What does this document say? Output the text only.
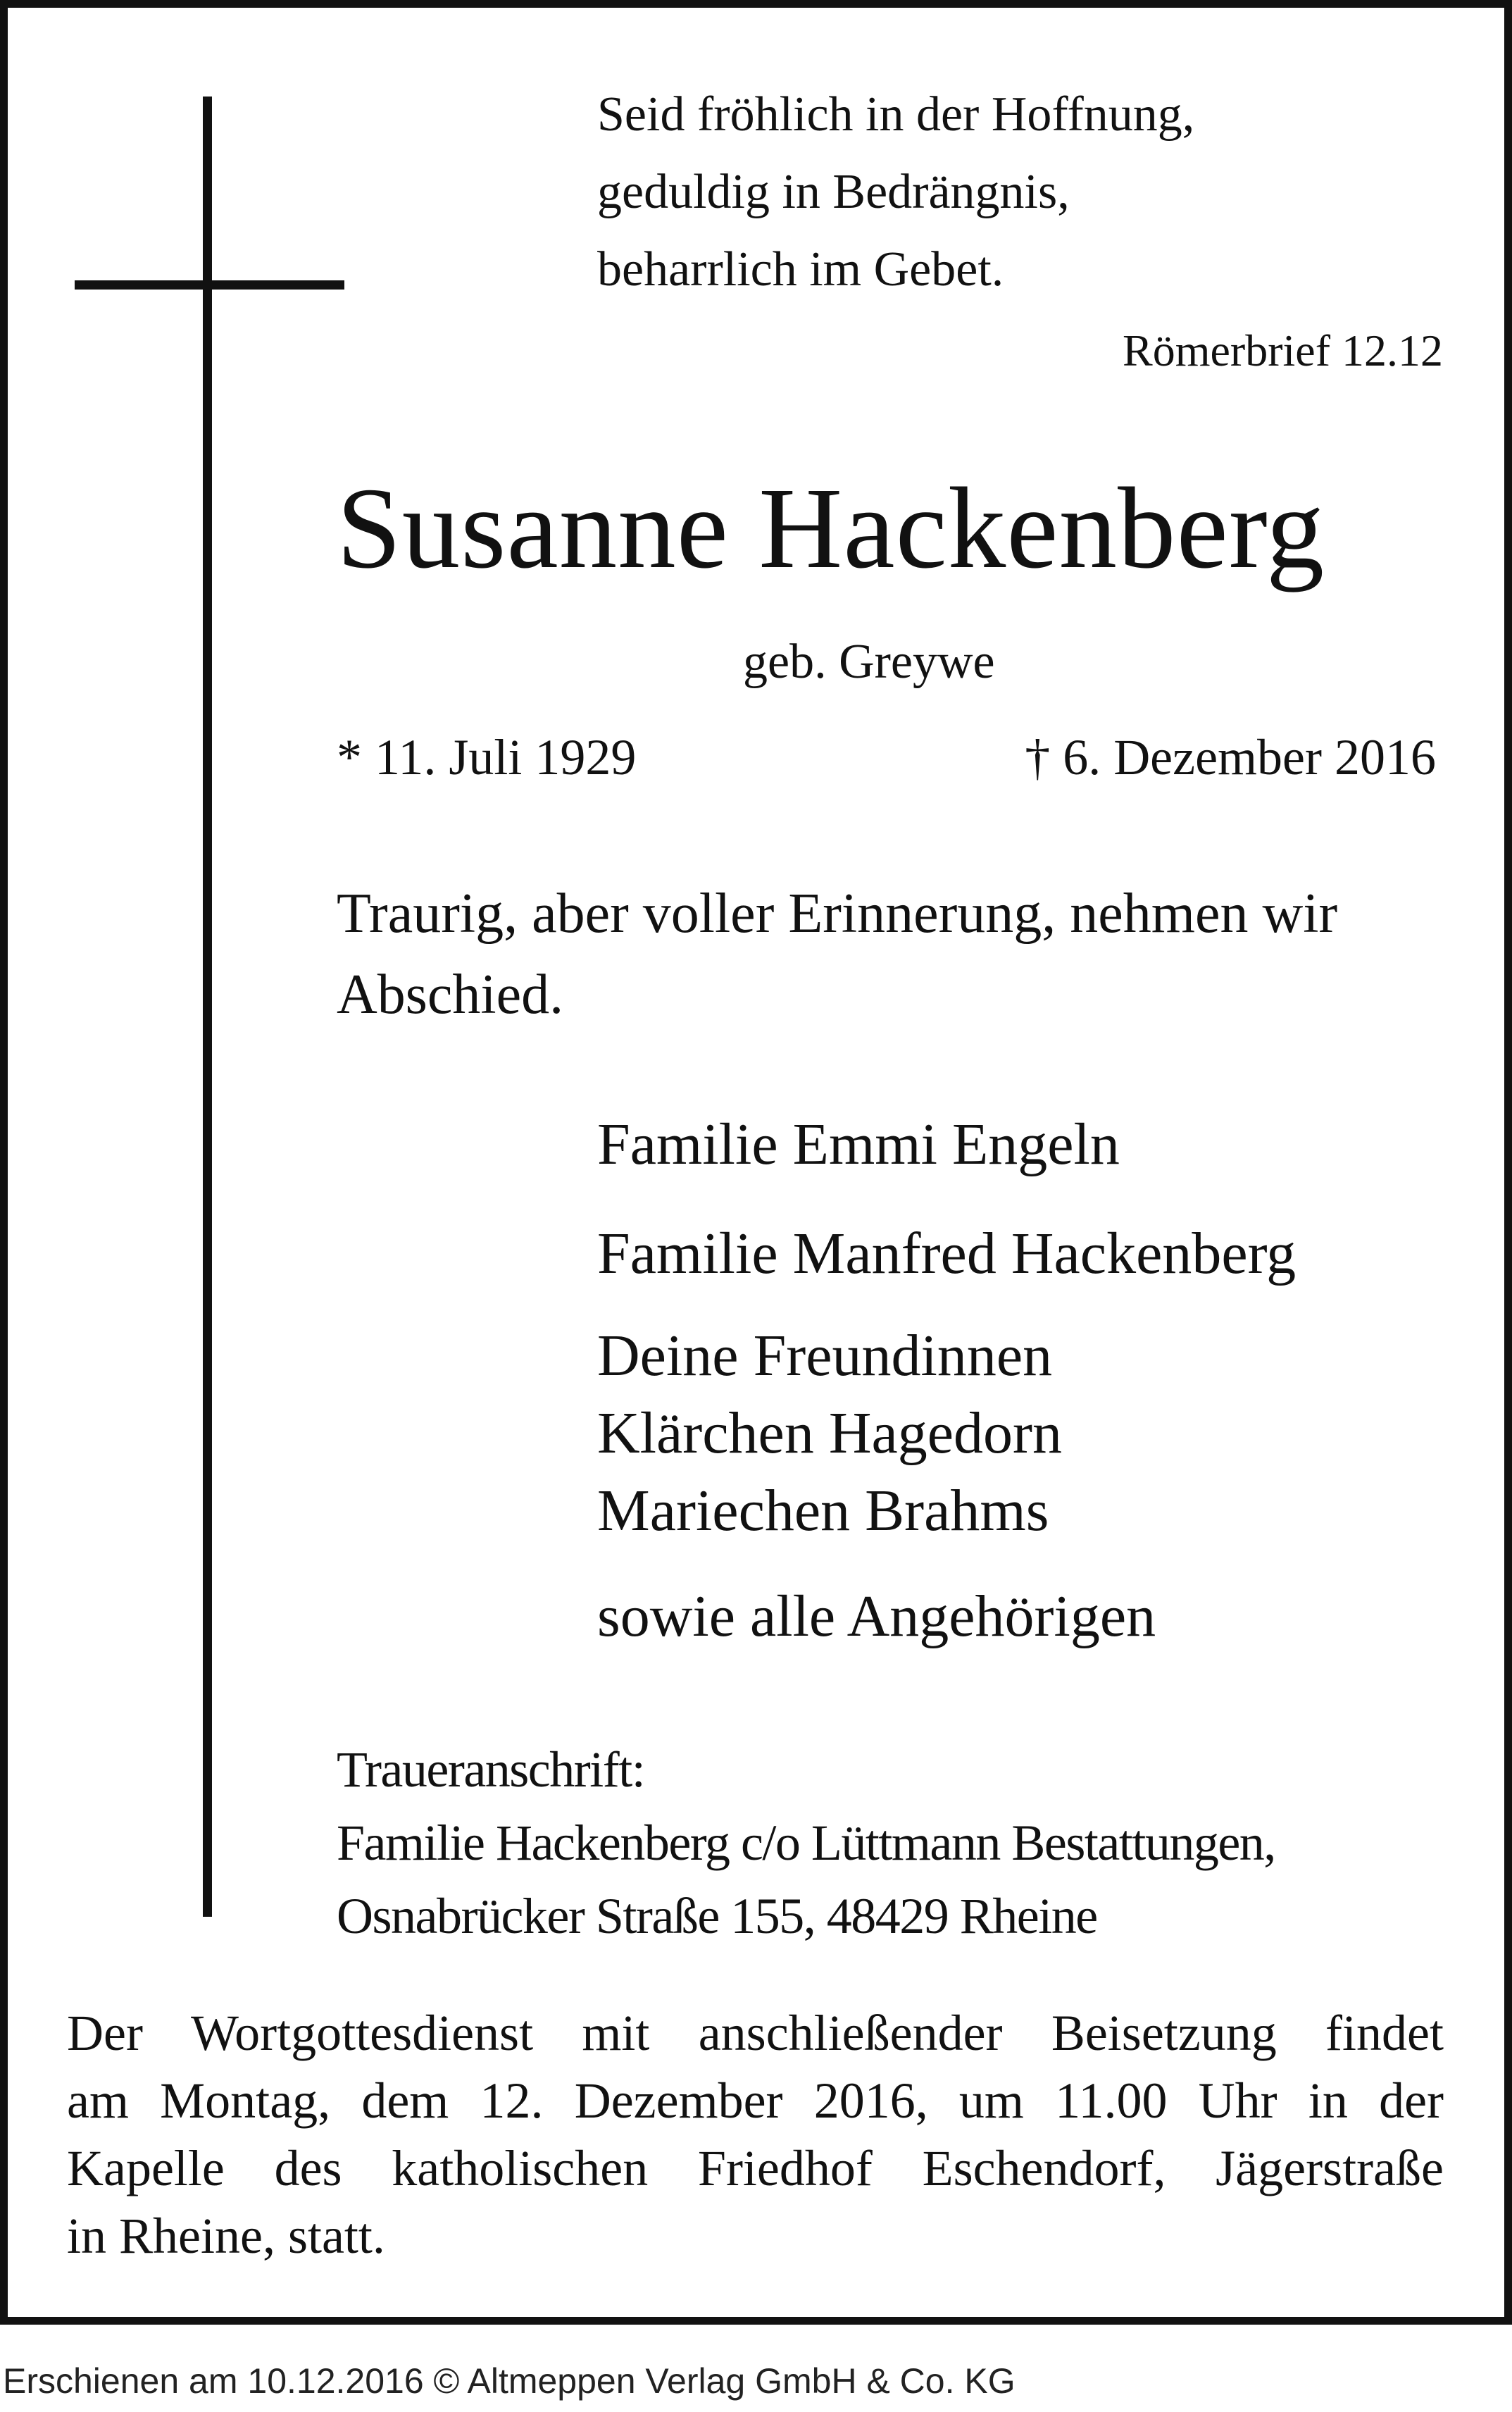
Seid fröhlich in der Hoffnung,
geduldig in Bedrängnis,
beharrlich im Gebet.
Römerbrief 12.12
Susanne Hackenberg
geb. Greywe
* 11. Juli 1929	† 6. Dezember 2016
Traurig, aber voller Erinnerung, nehmen wir Abschied.
Familie Emmi Engeln
Familie Manfred Hackenberg
Deine Freundinnen
Klärchen Hagedorn
Mariechen Brahms
sowie alle Angehörigen
Traueranschrift:
Familie Hackenberg c/o Lüttmann Bestattungen,
Osnabrücker Straße 155, 48429 Rheine
Der Wortgottesdienst mit anschließender Beisetzung findet
am Montag, dem 12. Dezember 2016, um 11.00 Uhr in der
Kapelle des katholischen Friedhof Eschendorf, Jägerstraße
in Rheine, statt.
Erschienen am 10.12.2016 © Altmeppen Verlag GmbH & Co. KG
